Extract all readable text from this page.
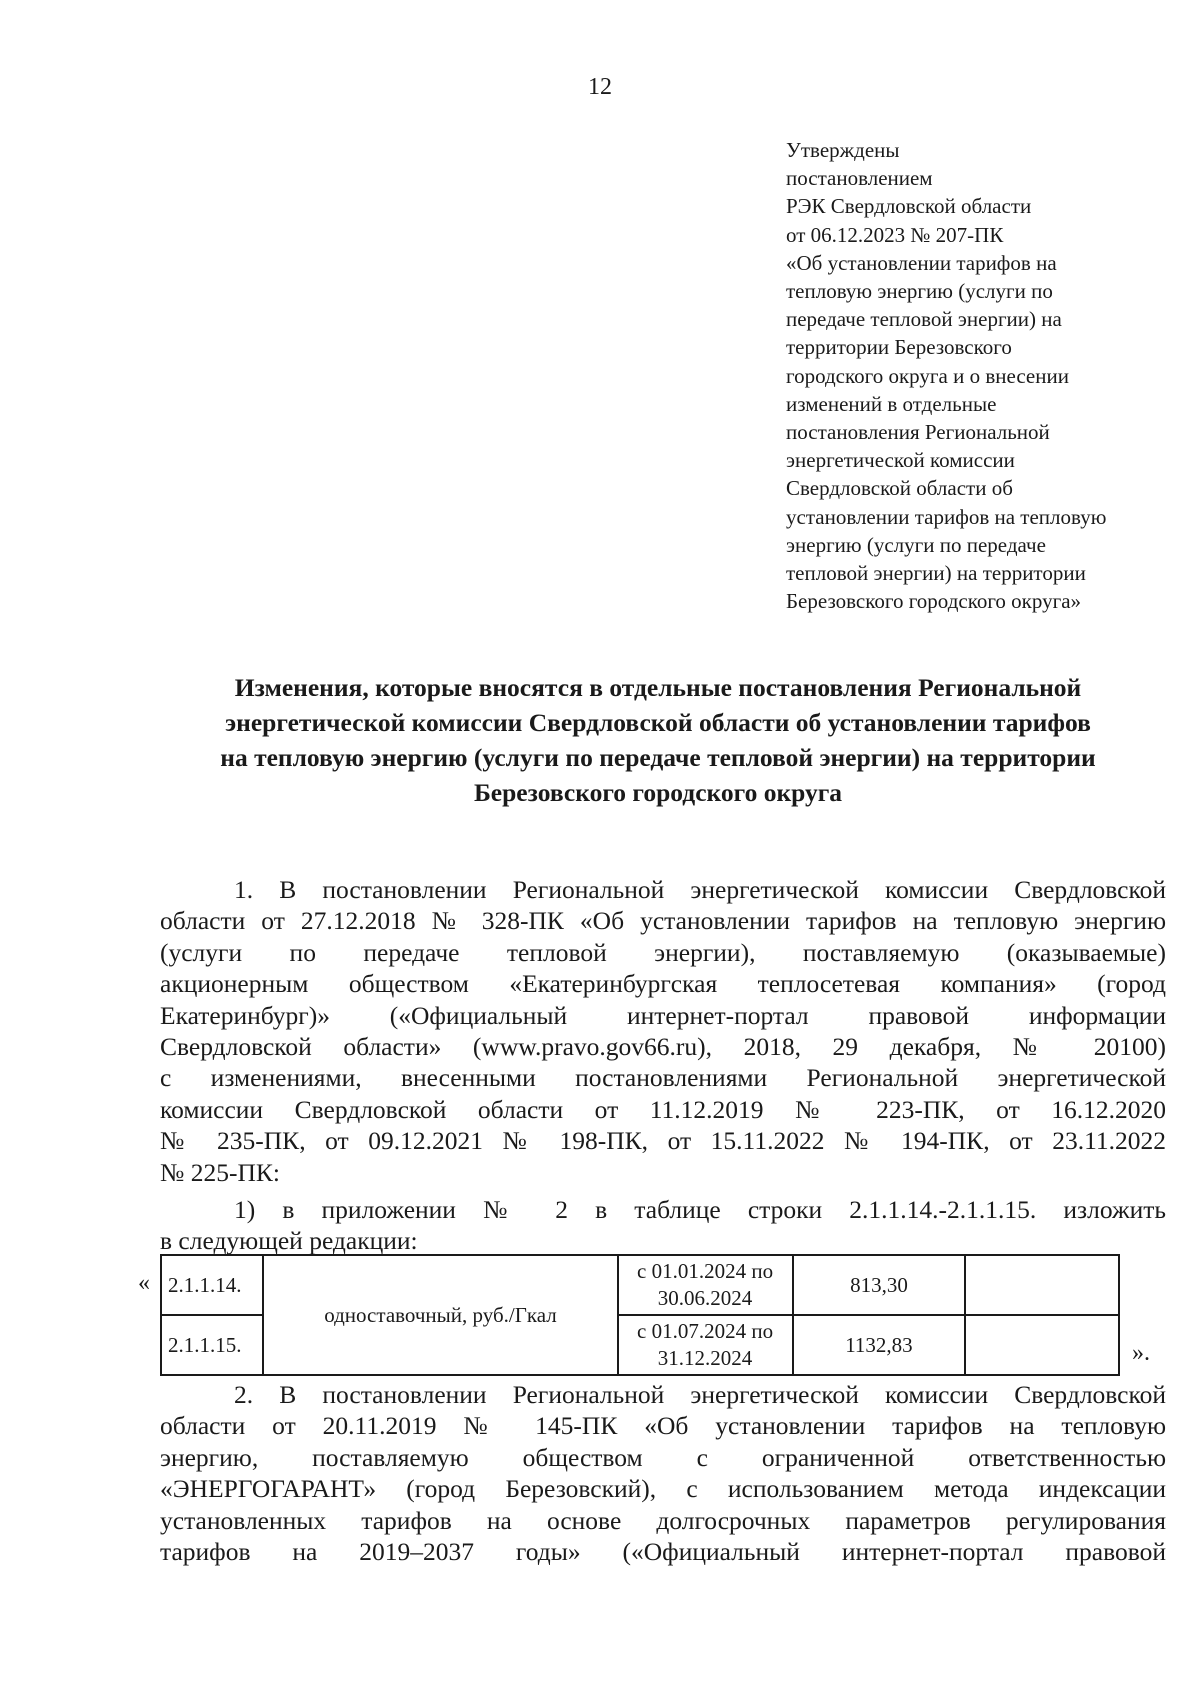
12
Утверждены
постановлением
РЭК Свердловской области
от 06.12.2023 № 207-ПК
«Об установлении тарифов на
тепловую энергию (услуги по
передаче тепловой энергии) на
территории Березовского
городского округа и о внесении
изменений в отдельные
постановления Региональной
энергетической комиссии
Свердловской области об
установлении тарифов на тепловую
энергию (услуги по передаче
тепловой энергии) на территории
Березовского городского округа»
Изменения, которые вносятся в отдельные постановления Региональной
энергетической комиссии Свердловской области об установлении тарифов
на тепловую энергию (услуги по передаче тепловой энергии) на территории
Березовского городского округа
1. В постановлении Региональной энергетической комиссии Свердловской
области от 27.12.2018 № 328-ПК «Об установлении тарифов на тепловую энергию
(услуги по передаче тепловой энергии), поставляемую (оказываемые)
акционерным обществом «Екатеринбургская теплосетевая компания» (город
Екатеринбург)» («Официальный интернет-портал правовой информации
Свердловской области» (www.pravo.gov66.ru), 2018, 29 декабря, № 20100)
с изменениями, внесенными постановлениями Региональной энергетической
комиссии Свердловской области от 11.12.2019 № 223-ПК, от 16.12.2020
№ 235-ПК, от 09.12.2021 № 198-ПК, от 15.11.2022 № 194-ПК, от 23.11.2022
№ 225-ПК:
1) в приложении № 2 в таблице строки 2.1.1.14.-2.1.1.15. изложить
в следующей редакции:
« 2.1.1.14.	одноставочный, руб./Гкал	с 01.01.2024 по
30.06.2024	813,30	
2.1.1.15.		с 01.07.2024 по
31.12.2024	1132,83		».
2. В постановлении Региональной энергетической комиссии Свердловской
области от 20.11.2019 № 145-ПК «Об установлении тарифов на тепловую
энергию, поставляемую обществом с ограниченной ответственностью
«ЭНЕРГОГАРАНТ» (город Березовский), с использованием метода индексации
установленных тарифов на основе долгосрочных параметров регулирования
тарифов на 2019–2037 годы» («Официальный интернет-портал правовой
